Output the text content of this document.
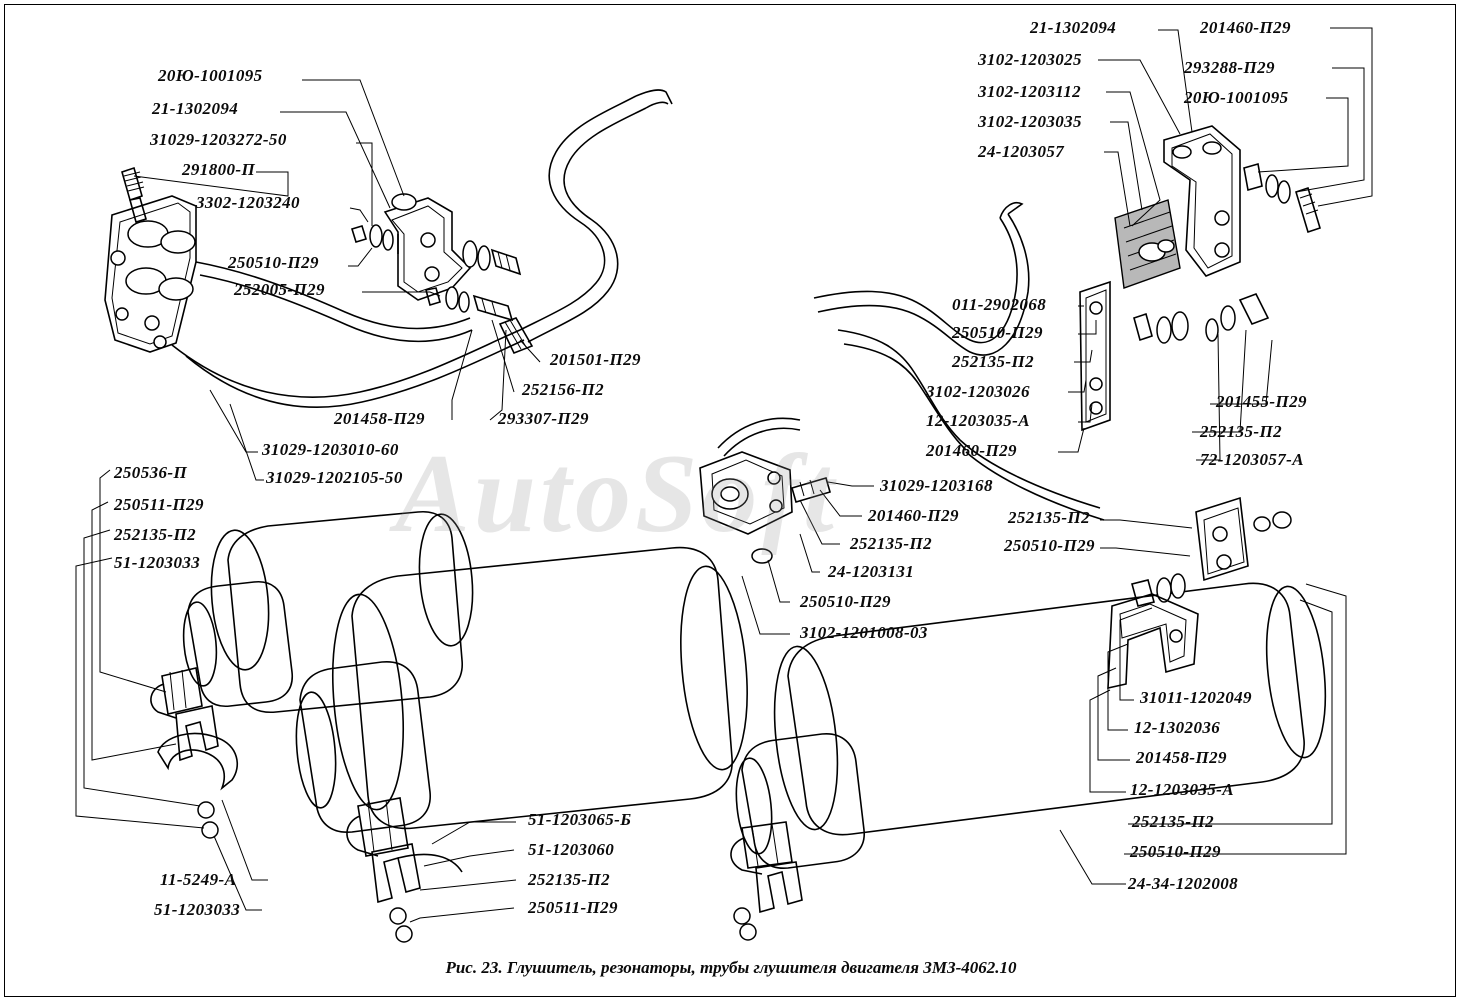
AutoSoft
20Ю-1001095
21-1302094
31029-1203272-50
291800-П
3302-1203240
250510-П29
252005-П29
201501-П29
252156-П2
201458-П29	293307-П29
31029-1203010-60
31029-1202105-50
250536-П
250511-П29
252135-П2
51-1203033
11-5249-А
51-1203033
51-1203065-Б
51-1203060
252135-П2
250511-П29
3102-1201008-03
250510-П29
24-1203131
252135-П2
201460-П29
31029-1203168
21-1302094
3102-1203025
3102-1203112
3102-1203035
24-1203057
201460-П29
293288-П29
20Ю-1001095
011-2902068
250510-П29
252135-П2
3102-1203026
12-1203035-А
201460-П29
201455-П29
252135-П2
72-1203057-А
252135-П2
250510-П29
31011-1202049
12-1302036
201458-П29
12-1203035-А
252135-П2
250510-П29
24-34-1202008
Рис. 23. Глушитель, резонаторы, трубы глушителя двигателя ЗМЗ-4062.10
